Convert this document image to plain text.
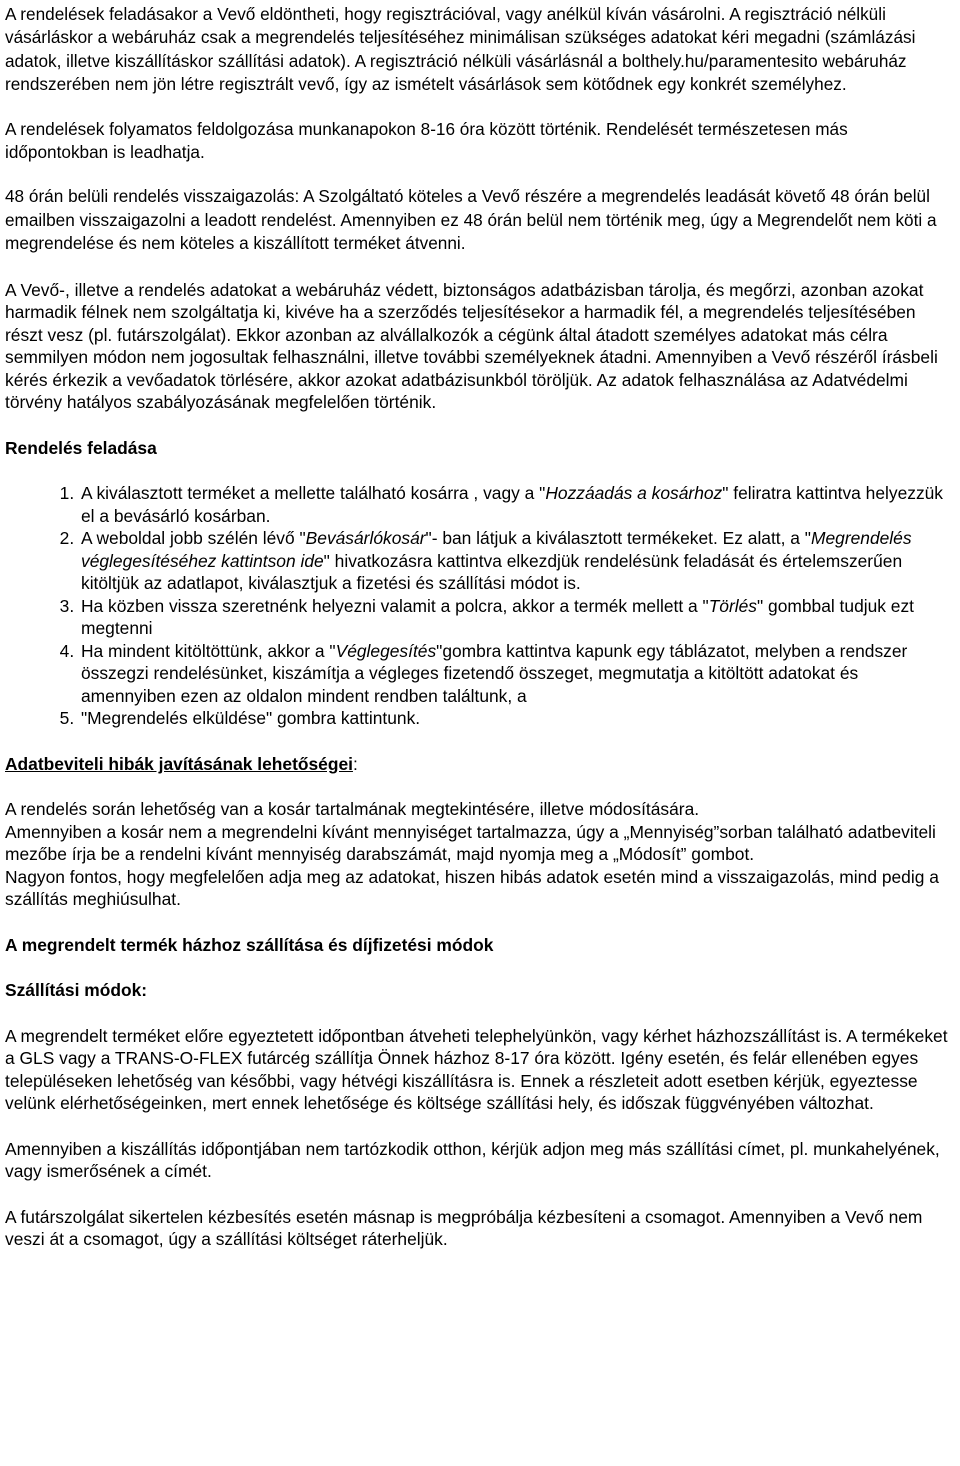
A rendelések feladásakor a Vevő eldöntheti, hogy regisztrációval, vagy anélkül kíván vásárolni. A regisztráció nélküli vásárláskor a webáruház csak a megrendelés teljesítéséhez minimálisan szükséges adatokat kéri megadni (számlázási adatok, illetve kiszállításkor szállítási adatok). A regisztráció nélküli vásárlásnál a bolthely.hu/paramentesito webáruház rendszerében nem jön létre regisztrált vevő, így az ismételt vásárlások sem kötődnek egy konkrét személyhez.

A rendelések folyamatos feldolgozása munkanapokon 8-16 óra között történik. Rendelését természetesen más időpontokban is leadhatja.

48 órán belüli rendelés visszaigazolás: A Szolgáltató köteles a Vevő részére a megrendelés leadását követő 48 órán belül emailben visszaigazolni a leadott rendelést. Amennyiben ez 48 órán belül nem történik meg, úgy a Megrendelőt nem köti a megrendelése és nem köteles a kiszállított terméket átvenni.

A Vevő-, illetve a rendelés adatokat a webáruház védett, biztonságos adatbázisban tárolja, és megőrzi, azonban azokat harmadik félnek nem szolgáltatja ki, kivéve ha a szerződés teljesítésekor a harmadik fél, a megrendelés teljesítésében részt vesz (pl. futárszolgálat). Ekkor azonban az alvállalkozók a cégünk által átadott személyes adatokat más célra semmilyen módon nem jogosultak felhasználni, illetve további személyeknek átadni. Amennyiben a Vevő részéről írásbeli kérés érkezik a vevőadatok törlésére, akkor azokat adatbázisunkból töröljük. Az adatok felhasználása az Adatvédelmi törvény hatályos szabályozásának megfelelően történik.

Rendelés feladása

1. A kiválasztott terméket a mellette található kosárra , vagy a "Hozzáadás a kosárhoz" feliratra kattintva helyezzük el a bevásárló kosárban.
2. A weboldal jobb szélén lévő "Bevásárlókosár"- ban látjuk a kiválasztott termékeket. Ez alatt, a "Megrendelés véglegesítéséhez kattintson ide" hivatkozásra kattintva elkezdjük rendelésünk feladását és értelemszerűen kitöltjük az adatlapot, kiválasztjuk a fizetési és szállítási módot is.
3. Ha közben vissza szeretnénk helyezni valamit a polcra, akkor a termék mellett a "Törlés" gombbal tudjuk ezt megtenni
4. Ha mindent kitöltöttünk, akkor a "Véglegesítés"gombra kattintva kapunk egy táblázatot, melyben a rendszer összegzi rendelésünket, kiszámítja a végleges fizetendő összeget, megmutatja a kitöltött adatokat és amennyiben ezen az oldalon mindent rendben találtunk, a
5. "Megrendelés elküldése" gombra kattintunk.

Adatbeviteli hibák javításának lehetőségei:

A rendelés során lehetőség van a kosár tartalmának megtekintésére, illetve módosítására.

Amennyiben a kosár nem a megrendelni kívánt mennyiséget tartalmazza, úgy a „Mennyiség”sorban található adatbeviteli mezőbe írja be a rendelni kívánt mennyiség darabszámát, majd nyomja meg a „Módosít” gombot.

Nagyon fontos, hogy megfelelően adja meg az adatokat, hiszen hibás adatok esetén mind a visszaigazolás, mind pedig a szállítás meghiúsulhat.

A megrendelt termék házhoz szállítása és díjfizetési módok

Szállítási módok:

A megrendelt terméket előre egyeztetett időpontban átveheti telephelyünkön, vagy kérhet házhozszállítást is. A termékeket a GLS vagy a TRANS-O-FLEX futárcég szállítja Önnek házhoz 8-17 óra között. Igény esetén, és felár ellenében egyes településeken lehetőség van későbbi, vagy hétvégi kiszállításra is. Ennek a részleteit adott esetben kérjük, egyeztesse velünk elérhetőségeinken, mert ennek lehetősége és költsége szállítási hely, és időszak függvényében változhat.

Amennyiben a kiszállítás időpontjában nem tartózkodik otthon, kérjük adjon meg más szállítási címet, pl. munkahelyének, vagy ismerősének a címét.

A futárszolgálat sikertelen kézbesítés esetén másnap is megpróbálja kézbesíteni a csomagot. Amennyiben a Vevő nem veszi át a csomagot, úgy a szállítási költséget ráterheljük.
